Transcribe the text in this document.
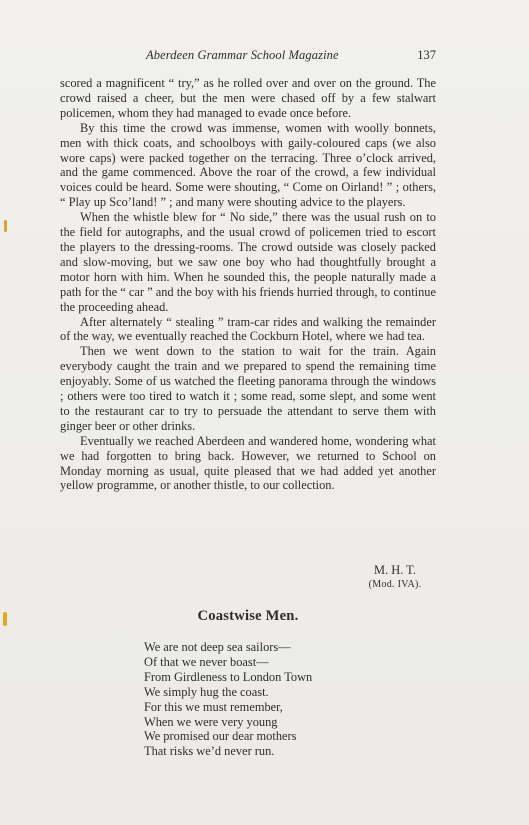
Aberdeen Grammar School Magazine	137

scored a magnificent “ try,” as he rolled over and over on the ground. The crowd raised a cheer, but the men were chased off by a few stalwart policemen, whom they had managed to evade once before.

By this time the crowd was immense, women with woolly bonnets, men with thick coats, and schoolboys with gaily-coloured caps (we also wore caps) were packed together on the terracing. Three o’clock arrived, and the game commenced. Above the roar of the crowd, a few individual voices could be heard. Some were shouting, “ Come on Oirland! ” ; others, “ Play up Sco’land! ” ; and many were shouting advice to the players.

When the whistle blew for “ No side,” there was the usual rush on to the field for autographs, and the usual crowd of policemen tried to escort the players to the dressing-rooms. The crowd outside was closely packed and slow-moving, but we saw one boy who had thoughtfully brought a motor horn with him. When he sounded this, the people naturally made a path for the “ car ” and the boy with his friends hurried through, to continue the proceeding ahead.

After alternately “ stealing ” tram-car rides and walking the remainder of the way, we eventually reached the Cockburn Hotel, where we had tea.

Then we went down to the station to wait for the train. Again everybody caught the train and we prepared to spend the remaining time enjoyably. Some of us watched the fleeting panorama through the windows ; others were too tired to watch it ; some read, some slept, and some went to the restaurant car to try to persuade the attendant to serve them with ginger beer or other drinks.

Eventually we reached Aberdeen and wandered home, wondering what we had forgotten to bring back. However, we returned to School on Monday morning as usual, quite pleased that we had added yet another yellow programme, or another thistle, to our collection.

M. H. T.
(Mod. IVA).
Coastwise Men.
We are not deep sea sailors—
Of that we never boast—
From Girdleness to London Town
We simply hug the coast.
For this we must remember,
When we were very young
We promised our dear mothers
That risks we’d never run.
